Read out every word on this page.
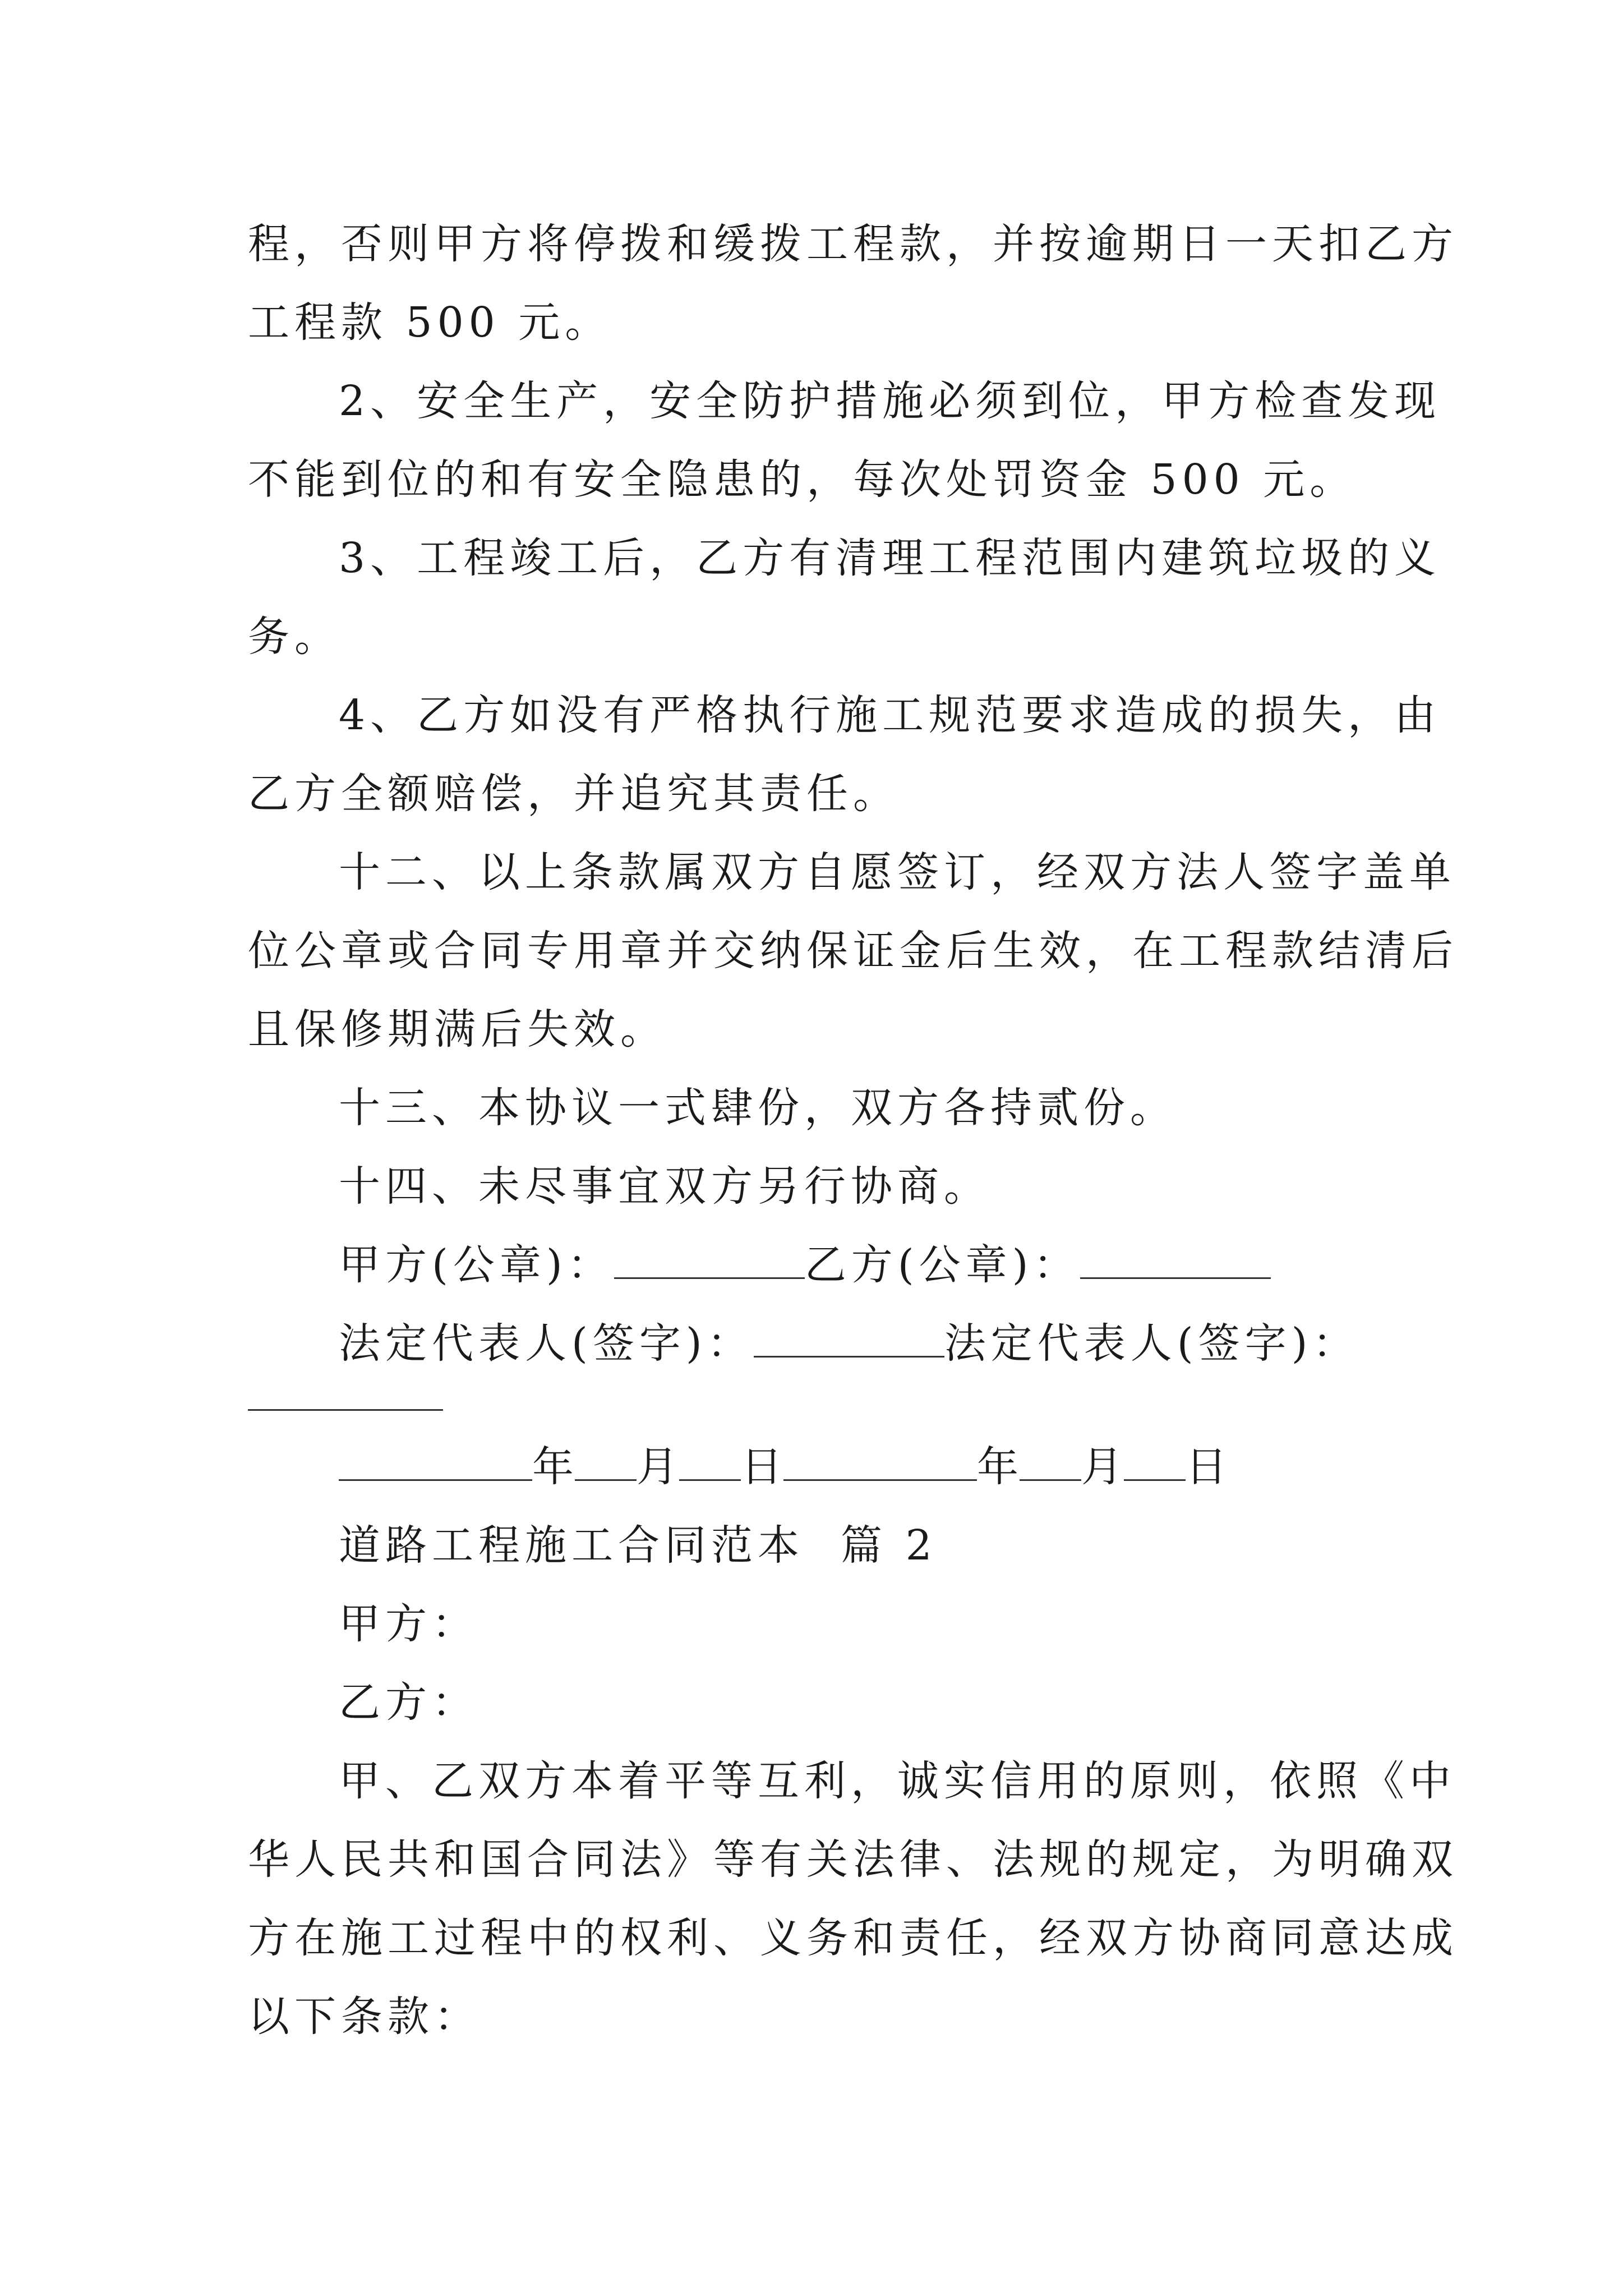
程，否则甲方将停拨和缓拨工程款，并按逾期日一天扣乙方
工程款 500 元。
2、安全生产，安全防护措施必须到位，甲方检查发现
不能到位的和有安全隐患的，每次处罚资金 500 元。
3、工程竣工后，乙方有清理工程范围内建筑垃圾的义
务。
4、乙方如没有严格执行施工规范要求造成的损失，由
乙方全额赔偿，并追究其责任。
十二、以上条款属双方自愿签订，经双方法人签字盖单
位公章或合同专用章并交纳保证金后生效，在工程款结清后
且保修期满后失效。
十三、本协议一式肆份，双方各持贰份。
十四、未尽事宜双方另行协商。
甲方(公章)：	乙方(公章)：
法定代表人(签字)：	法定代表人(签字)：
年 月 日	年 月 日
道路工程施工合同范本  篇 2
甲方：
乙方：
甲、乙双方本着平等互利，诚实信用的原则，依照《中
华人民共和国合同法》等有关法律、法规的规定，为明确双
方在施工过程中的权利、义务和责任，经双方协商同意达成
以下条款：
